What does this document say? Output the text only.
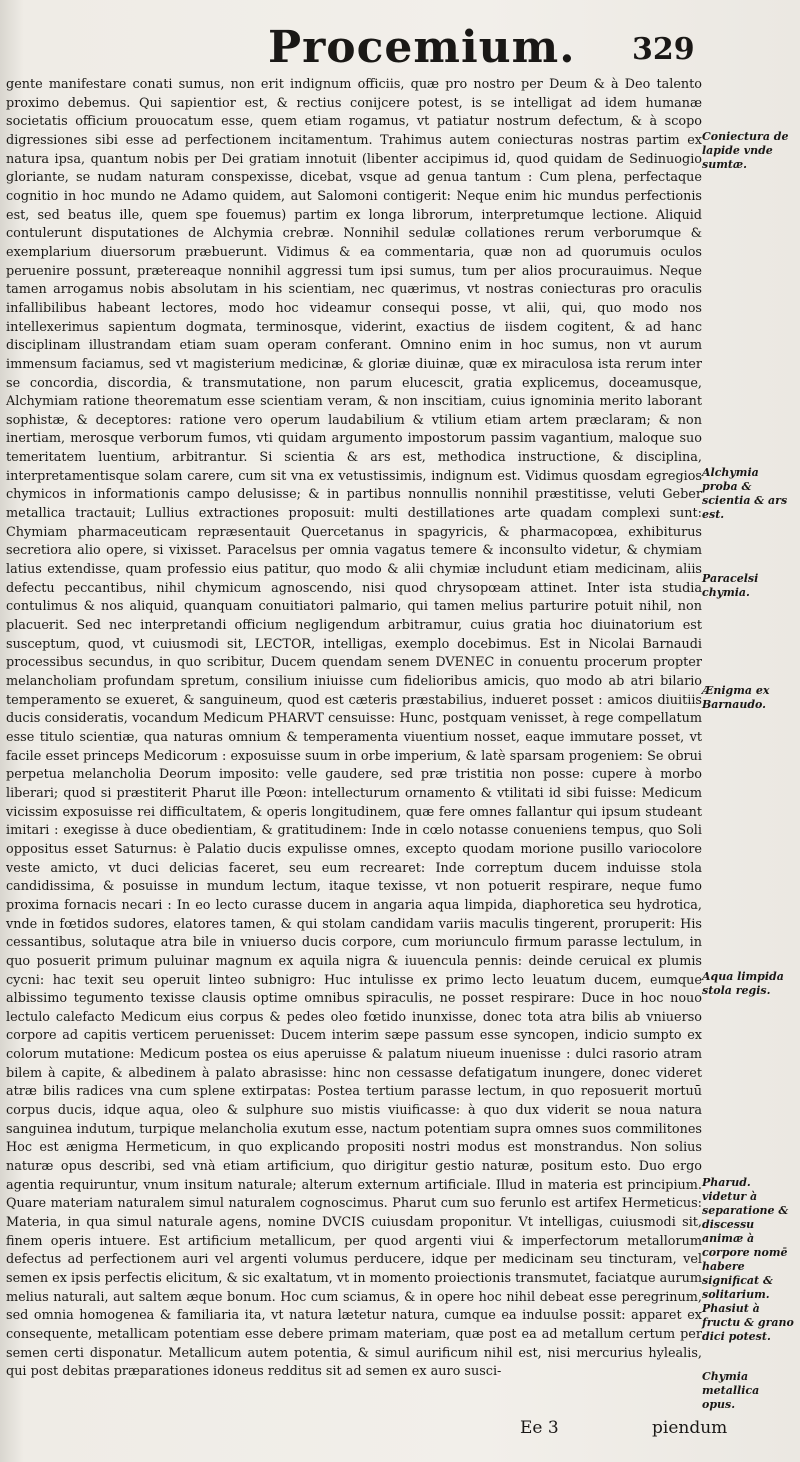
Procemium. 329

gente manifestare conati sumus, non erit indignum officiis, quæ pro nostro per Deum & à Deo talento proximo debemus. Qui sapientior est, & rectius conijcere potest, is se intelligat ad idem humanæ societatis officium prouocatum esse, quem etiam rogamus, vt patiatur nostrum defectum, & à scopo digressiones sibi esse ad perfectionem incitamentum. Trahimus autem coniecturas nostras partim ex natura ipsa, quantum nobis per Dei gratiam innotuit (libenter accipimus id, quod quidam de Sedinuogio gloriante, se nudam naturam conspexisse, dicebat, vsque ad genua tantum : Cum plena, perfectaque cognitio in hoc mundo ne Adamo quidem, aut Salomoni contigerit: Neque enim hic mundus perfectionis est, sed beatus ille, quem spe fouemus) partim ex longa librorum, interpretumque lectione. Aliquid contulerunt disputationes de Alchymia crebræ. Nonnihil sedulæ collationes rerum verborumque & exemplarium diuersorum præbuerunt. Vidimus & ea commentaria, quæ non ad quorumuis oculos peruenire possunt, prætereaque nonnihil aggressi tum ipsi sumus, tum per alios procurauimus. Neque tamen arrogamus nobis absolutam in his scientiam, nec quærimus, vt nostras coniecturas pro oraculis infallibilibus habeant lectores, modo hoc videamur consequi posse, vt alii, qui, quo modo nos intellexerimus sapientum dogmata, terminosque, viderint, exactius de iisdem cogitent, & ad hanc disciplinam illustrandam etiam suam operam conferant. Omnino enim in hoc sumus, non vt aurum immensum faciamus, sed vt magisterium medicinæ, & gloriæ diuinæ, quæ ex miraculosa ista rerum inter se concordia, discordia, & transmutatione, non parum elucescit, gratia explicemus, doceamusque, Alchymiam ratione theorematum esse scientiam veram, & non inscitiam, cuius ignominia merito laborant sophistæ, & deceptores: ratione vero operum laudabilium & vtilium etiam artem præclaram; & non inertiam, merosque verborum fumos, vti quidam argumento impostorum passim vagantium, maloque suo temeritatem luentium, arbitrantur. Si scientia & ars est, methodica instructione, & disciplina, interpretamentisque solam carere, cum sit vna ex vetustissimis, indignum est. Vidimus quosdam egregios chymicos in informationis campo delusisse; & in partibus nonnullis nonnihil præstitisse, veluti Geber metallica tractauit; Lullius extractiones proposuit: multi destillationes arte quadam complexi sunt: Chymiam pharmaceuticam repræsentauit Quercetanus in spagyricis, & pharmacopœa, exhibiturus secretiora alio opere, si vixisset. Paracelsus per omnia vagatus temere & inconsulto videtur, & chymiam latius extendisse, quam professio eius patitur, quo modo & alii chymiæ includunt etiam medicinam, aliis defectu peccantibus, nihil chymicum agnoscendo, nisi quod chrysopœam attinet. Inter ista studia contulimus & nos aliquid, quanquam conuitiatori palmario, qui tamen melius parturire potuit nihil, non placuerit. Sed nec interpretandi officium negligendum arbitramur, cuius gratia hoc diuinatorium est susceptum, quod, vt cuiusmodi sit, LECTOR, intelligas, exemplo docebimus. Est in Nicolai Barnaudi processibus secundus, in quo scribitur, Ducem quendam senem DVENEC in conuentu procerum propter melancholiam profundam spretum, consilium iniuisse cum fidelioribus amicis, quo modo ab atri bilario temperamento se exueret, & sanguineum, quod est cæteris præstabilius, indueret posset : amicos diuitiis ducis consideratis, vocandum Medicum PHARVT censuisse: Hunc, postquam venisset, à rege compellatum esse titulo scientiæ, qua naturas omnium & temperamenta viuentium nosset, eaque immutare posset, vt facile esset princeps Medicorum : exposuisse suum in orbe imperium, & latè sparsam progeniem: Se obrui perpetua melancholia Deorum imposito: velle gaudere, sed præ tristitia non posse: cupere à morbo liberari; quod si præstiterit Pharut ille Pœon: intellecturum ornamento & vtilitati id sibi fuisse: Medicum vicissim exposuisse rei difficultatem, & operis longitudinem, quæ fere omnes fallantur qui ipsum studeant imitari : exegisse à duce obedientiam, & gratitudinem: Inde in cœlo notasse conueniens tempus, quo Soli oppositus esset Saturnus: è Palatio ducis expulisse omnes, excepto quodam morione pusillo variocolore veste amicto, vt duci delicias faceret, seu eum recrearet: Inde correptum ducem induisse stola candidissima, & posuisse in mundum lectum, itaque texisse, vt non potuerit respirare, neque fumo proxima fornacis necari : In eo lecto curasse ducem in angaria aqua limpida, diaphoretica seu hydrotica, vnde in fœtidos sudores, elatores tamen, & qui stolam candidam variis maculis tingerent, proruperit: His cessantibus, solutaque atra bile in vniuerso ducis corpore, cum moriunculo firmum parasse lectulum, in quo posuerit primum puluinar magnum ex aquila nigra & iuuencula pennis: deinde ceruical ex plumis cycni: hac texit seu operuit linteo subnigro: Huc intulisse ex primo lecto leuatum ducem, eumque albissimo tegumento texisse clausis optime omnibus spiraculis, ne posset respirare: Duce in hoc nouo lectulo calefacto Medicum eius corpus & pedes oleo fœtido inunxisse, donec tota atra bilis ab vniuerso corpore ad capitis verticem peruenisset: Ducem interim sæpe passum esse syncopen, indicio sumpto ex colorum mutatione: Medicum postea os eius aperuisse & palatum niueum inuenisse : dulci rasorio atram bilem à capite, & albedinem à palato abrasisse: hinc non cessasse defatigatum inungere, donec videret atræ bilis radices vna cum splene extirpatas: Postea tertium parasse lectum, in quo reposuerit mortuū corpus ducis, idque aqua, oleo & sulphure suo mistis viuificasse: à quo dux viderit se noua natura sanguinea indutum, turpique melancholia exutum esse, nactum potentiam supra omnes suos commilitones Hoc est ænigma Hermeticum, in quo explicando propositi nostri modus est monstrandus. Non solius naturæ opus describi, sed vnà etiam artificium, quo dirigitur gestio naturæ, positum esto. Duo ergo agentia requiruntur, vnum insitum naturale; alterum externum artificiale. Illud in materia est principium. Quare materiam naturalem simul naturalem cognoscimus. Pharut cum suo ferunlo est artifex Hermeticus: Materia, in qua simul naturale agens, nomine DVCIS cuiusdam proponitur. Vt intelligas, cuiusmodi sit, finem operis intuere. Est artificium metallicum, per quod argenti viui & imperfectorum metallorum defectus ad perfectionem auri vel argenti volumus perducere, idque per medicinam seu tincturam, vel semen ex ipsis perfectis elicitum, & sic exaltatum, vt in momento proiectionis transmutet, faciatque aurum melius naturali, aut saltem æque bonum. Hoc cum sciamus, & in opere hoc nihil debeat esse peregrinum, sed omnia homogenea & familiaria ita, vt natura lætetur natura, cumque ea induulse possit: apparet ex consequente, metallicam potentiam esse debere primam materiam, quæ post ea ad metallum certum per semen certi disponatur. Metallicum autem potentia, & simul aurificum nihil est, nisi mercurius hylealis, qui post debitas præparationes idoneus redditus sit ad semen ex auro susci-

Coniectura de lapide vnde sumtæ.
Alchymia proba & scientia & ars est.
Paracelsi chymia.
Ænigma ex Barnaudo.
Aqua limpida stola regis.
Pharud. videtur à separatione & discessu animæ à corpore nomē habere significat & solitarium. Phasiut à fructu & grano dici potest.
Chymia metallica opus.
Ee 3	piendum
